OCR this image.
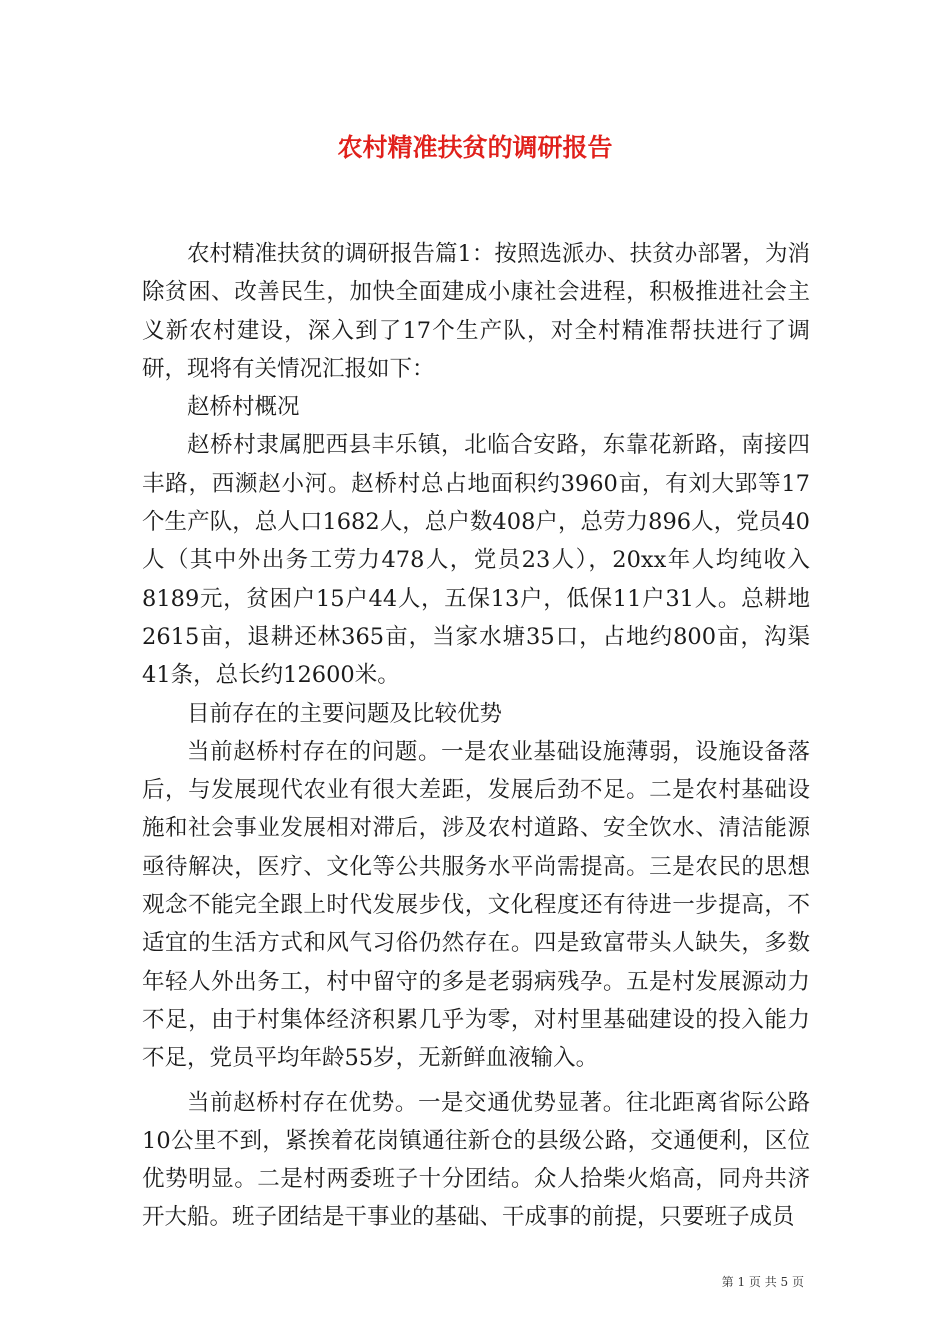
农村精准扶贫的调研报告

农村精准扶贫的调研报告篇1：按照选派办、扶贫办部署，为消除贫困、改善民生，加快全面建成小康社会进程，积极推进社会主义新农村建设，深入到了17个生产队，对全村精准帮扶进行了调研，现将有关情况汇报如下：

赵桥村概况

赵桥村隶属肥西县丰乐镇，北临合安路，东靠花新路，南接四丰路，西濒赵小河。赵桥村总占地面积约3960亩，有刘大郢等17个生产队，总人口1682人，总户数408户，总劳力896人，党员40人（其中外出务工劳力478人，党员23人），20xx年人均纯收入8189元，贫困户15户44人，五保13户，低保11户31人。总耕地2615亩，退耕还林365亩，当家水塘35口，占地约800亩，沟渠41条，总长约12600米。

目前存在的主要问题及比较优势

当前赵桥村存在的问题。一是农业基础设施薄弱，设施设备落后，与发展现代农业有很大差距，发展后劲不足。二是农村基础设施和社会事业发展相对滞后，涉及农村道路、安全饮水、清洁能源亟待解决，医疗、文化等公共服务水平尚需提高。三是农民的思想观念不能完全跟上时代发展步伐，文化程度还有待进一步提高，不适宜的生活方式和风气习俗仍然存在。四是致富带头人缺失，多数年轻人外出务工，村中留守的多是老弱病残孕。五是村发展源动力不足，由于村集体经济积累几乎为零，对村里基础建设的投入能力不足，党员平均年龄55岁，无新鲜血液输入。

当前赵桥村存在优势。一是交通优势显著。往北距离省际公路10公里不到，紧挨着花岗镇通往新仓的县级公路，交通便利，区位优势明显。二是村两委班子十分团结。众人拾柴火焰高，同舟共济开大船。班子团结是干事业的基础、干成事的前提，只要班子成员

第 1 页 共 5 页
